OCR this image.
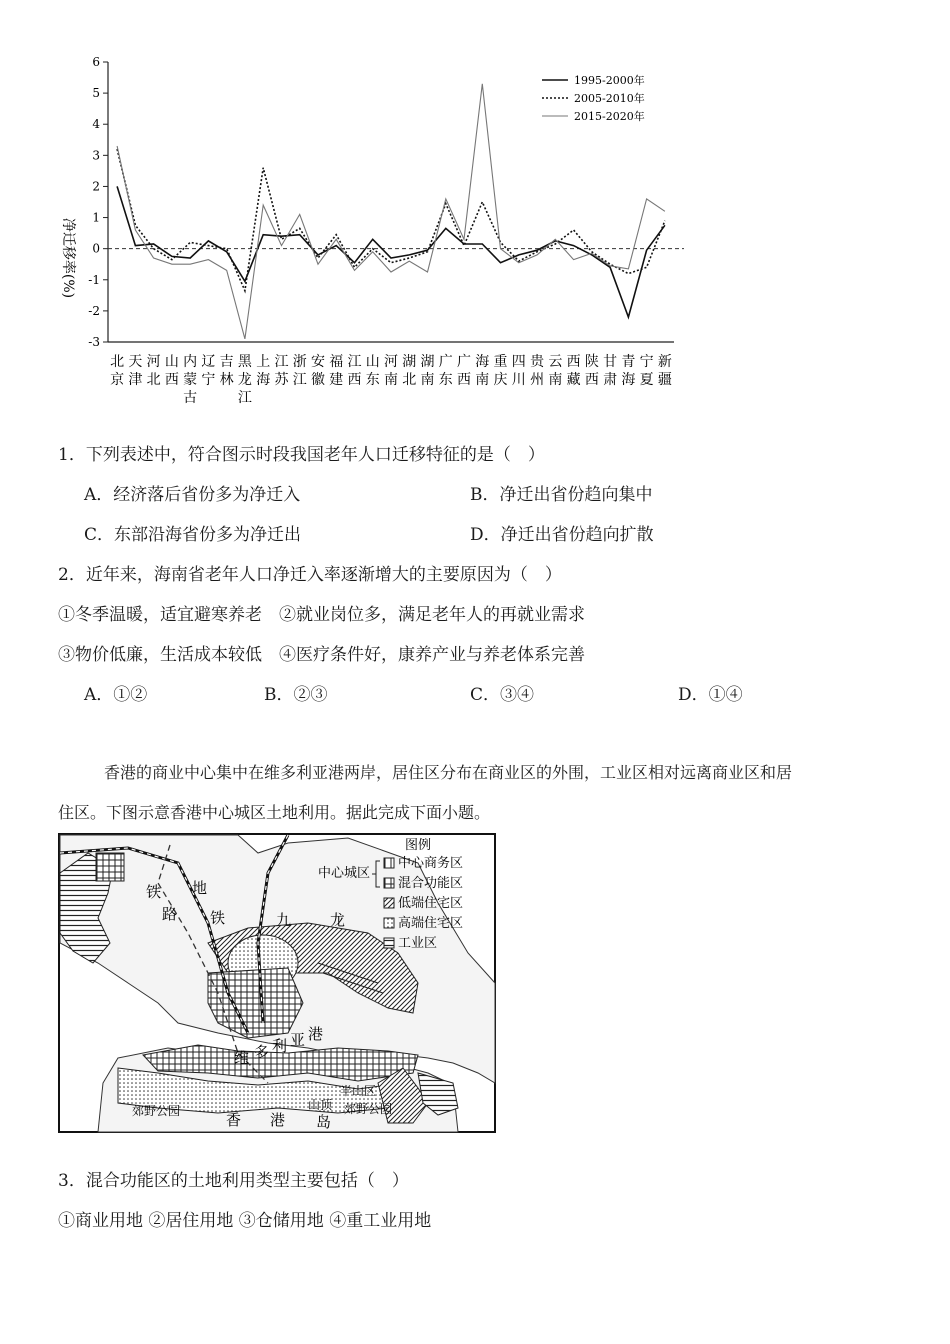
6
5
4
3
2
1
0
-1
-2
-3
北京
天津
河北
山西
内蒙古
辽宁
吉林
黑龙江
上海
江苏
浙江
安徽
福建
江西
山东
河南
湖北
湖南
广东
广西
海南
重庆
四川
贵州
云南
西藏
陕西
甘肃
青海
宁夏
新疆
1995-2000年
2005-2010年
2015-2020年
净迁移率(%)
1．下列表述中，符合图示时段我国老年人口迁移特征的是（　）
A．经济落后省份多为净迁入	B．净迁出省份趋向集中
C．东部沿海省份多为净迁出	D．净迁出省份趋向扩散
2．近年来，海南省老年人口净迁入率逐渐增大的主要原因为（　）
①冬季温暖，适宜避寒养老　②就业岗位多，满足老年人的再就业需求
③物价低廉，生活成本较低　④医疗条件好，康养产业与养老体系完善
A．①②	B．②③	C．③④	D．①④
香港的商业中心集中在维多利亚港两岸，居住区分布在商业区的外围，工业区相对远离商业区和居
住区。下图示意香港中心城区土地利用。据此完成下面小题。
图例
中心城区
中心商务区
混合功能区
低端住宅区
高端住宅区
工业区
铁
路
地
铁	九	龙
维 多 利 亚 港
香 港 岛
郊野公园	山顶
半山区
郊野公园
3．混合功能区的土地利用类型主要包括（　）
①商业用地 ②居住用地 ③仓储用地 ④重工业用地
